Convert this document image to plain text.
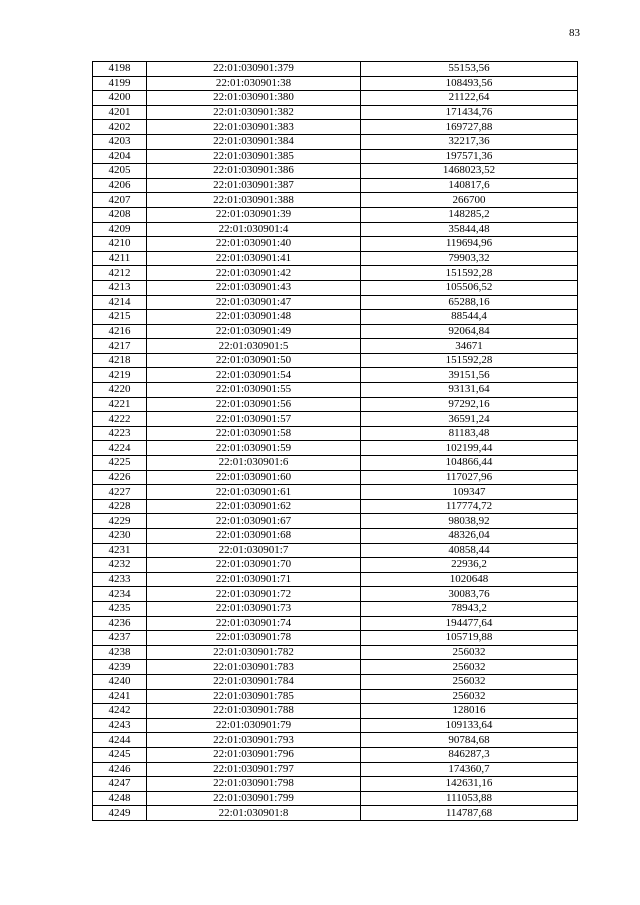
83
4198	22:01:030901:379	55153,56
4199	22:01:030901:38	108493,56
4200	22:01:030901:380	21122,64
4201	22:01:030901:382	171434,76
4202	22:01:030901:383	169727,88
4203	22:01:030901:384	32217,36
4204	22:01:030901:385	197571,36
4205	22:01:030901:386	1468023,52
4206	22:01:030901:387	140817,6
4207	22:01:030901:388	266700
4208	22:01:030901:39	148285,2
4209	22:01:030901:4	35844,48
4210	22:01:030901:40	119694,96
4211	22:01:030901:41	79903,32
4212	22:01:030901:42	151592,28
4213	22:01:030901:43	105506,52
4214	22:01:030901:47	65288,16
4215	22:01:030901:48	88544,4
4216	22:01:030901:49	92064,84
4217	22:01:030901:5	34671
4218	22:01:030901:50	151592,28
4219	22:01:030901:54	39151,56
4220	22:01:030901:55	93131,64
4221	22:01:030901:56	97292,16
4222	22:01:030901:57	36591,24
4223	22:01:030901:58	81183,48
4224	22:01:030901:59	102199,44
4225	22:01:030901:6	104866,44
4226	22:01:030901:60	117027,96
4227	22:01:030901:61	109347
4228	22:01:030901:62	117774,72
4229	22:01:030901:67	98038,92
4230	22:01:030901:68	48326,04
4231	22:01:030901:7	40858,44
4232	22:01:030901:70	22936,2
4233	22:01:030901:71	1020648
4234	22:01:030901:72	30083,76
4235	22:01:030901:73	78943,2
4236	22:01:030901:74	194477,64
4237	22:01:030901:78	105719,88
4238	22:01:030901:782	256032
4239	22:01:030901:783	256032
4240	22:01:030901:784	256032
4241	22:01:030901:785	256032
4242	22:01:030901:788	128016
4243	22:01:030901:79	109133,64
4244	22:01:030901:793	90784,68
4245	22:01:030901:796	846287,3
4246	22:01:030901:797	174360,7
4247	22:01:030901:798	142631,16
4248	22:01:030901:799	111053,88
4249	22:01:030901:8	114787,68
